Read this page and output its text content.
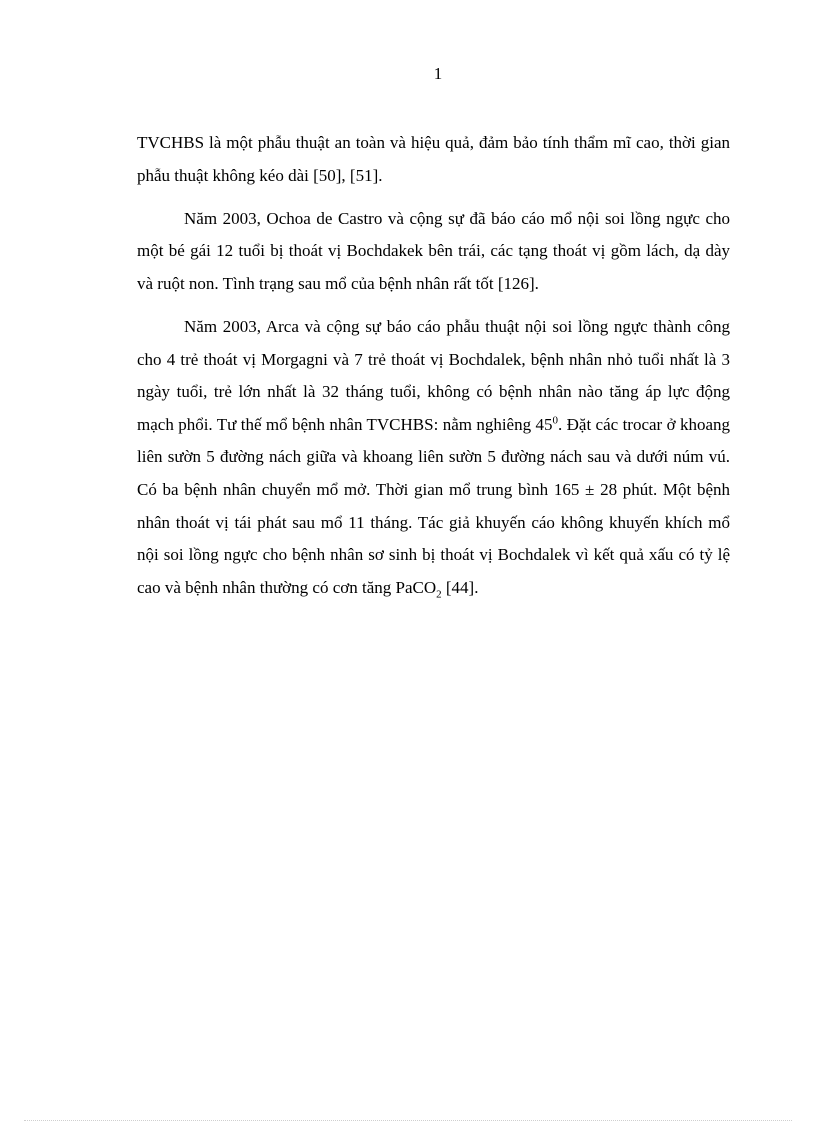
1

TVCHBS là một phẫu thuật an toàn và hiệu quả, đảm bảo tính thẩm mĩ cao, thời gian phẫu thuật không kéo dài [50], [51].

Năm 2003, Ochoa de Castro và cộng sự đã báo cáo mổ nội soi lồng ngực cho một bé gái 12 tuổi bị thoát vị Bochdakek bên trái, các tạng thoát vị gồm lách, dạ dày và ruột non. Tình trạng sau mổ của bệnh nhân rất tốt [126].

Năm 2003, Arca và cộng sự báo cáo phẫu thuật nội soi lồng ngực thành công cho 4 trẻ thoát vị Morgagni và 7 trẻ thoát vị Bochdalek, bệnh nhân nhỏ tuổi nhất là 3 ngày tuổi, trẻ lớn nhất là 32 tháng tuổi, không có bệnh nhân nào tăng áp lực động mạch phổi. Tư thế mổ bệnh nhân TVCHBS: nằm nghiêng $45^0$. Đặt các trocar ở khoang liên sườn 5 đường nách giữa và khoang liên sườn 5 đường nách sau và dưới núm vú. Có ba bệnh nhân chuyển mổ mở. Thời gian mổ trung bình 165 ± 28 phút. Một bệnh nhân thoát vị tái phát sau mổ 11 tháng. Tác giả khuyến cáo không khuyến khích mổ nội soi lồng ngực cho bệnh nhân sơ sinh bị thoát vị Bochdalek vì kết quả xấu có tỷ lệ cao và bệnh nhân thường có cơn tăng PaCO$_2$ [44].
